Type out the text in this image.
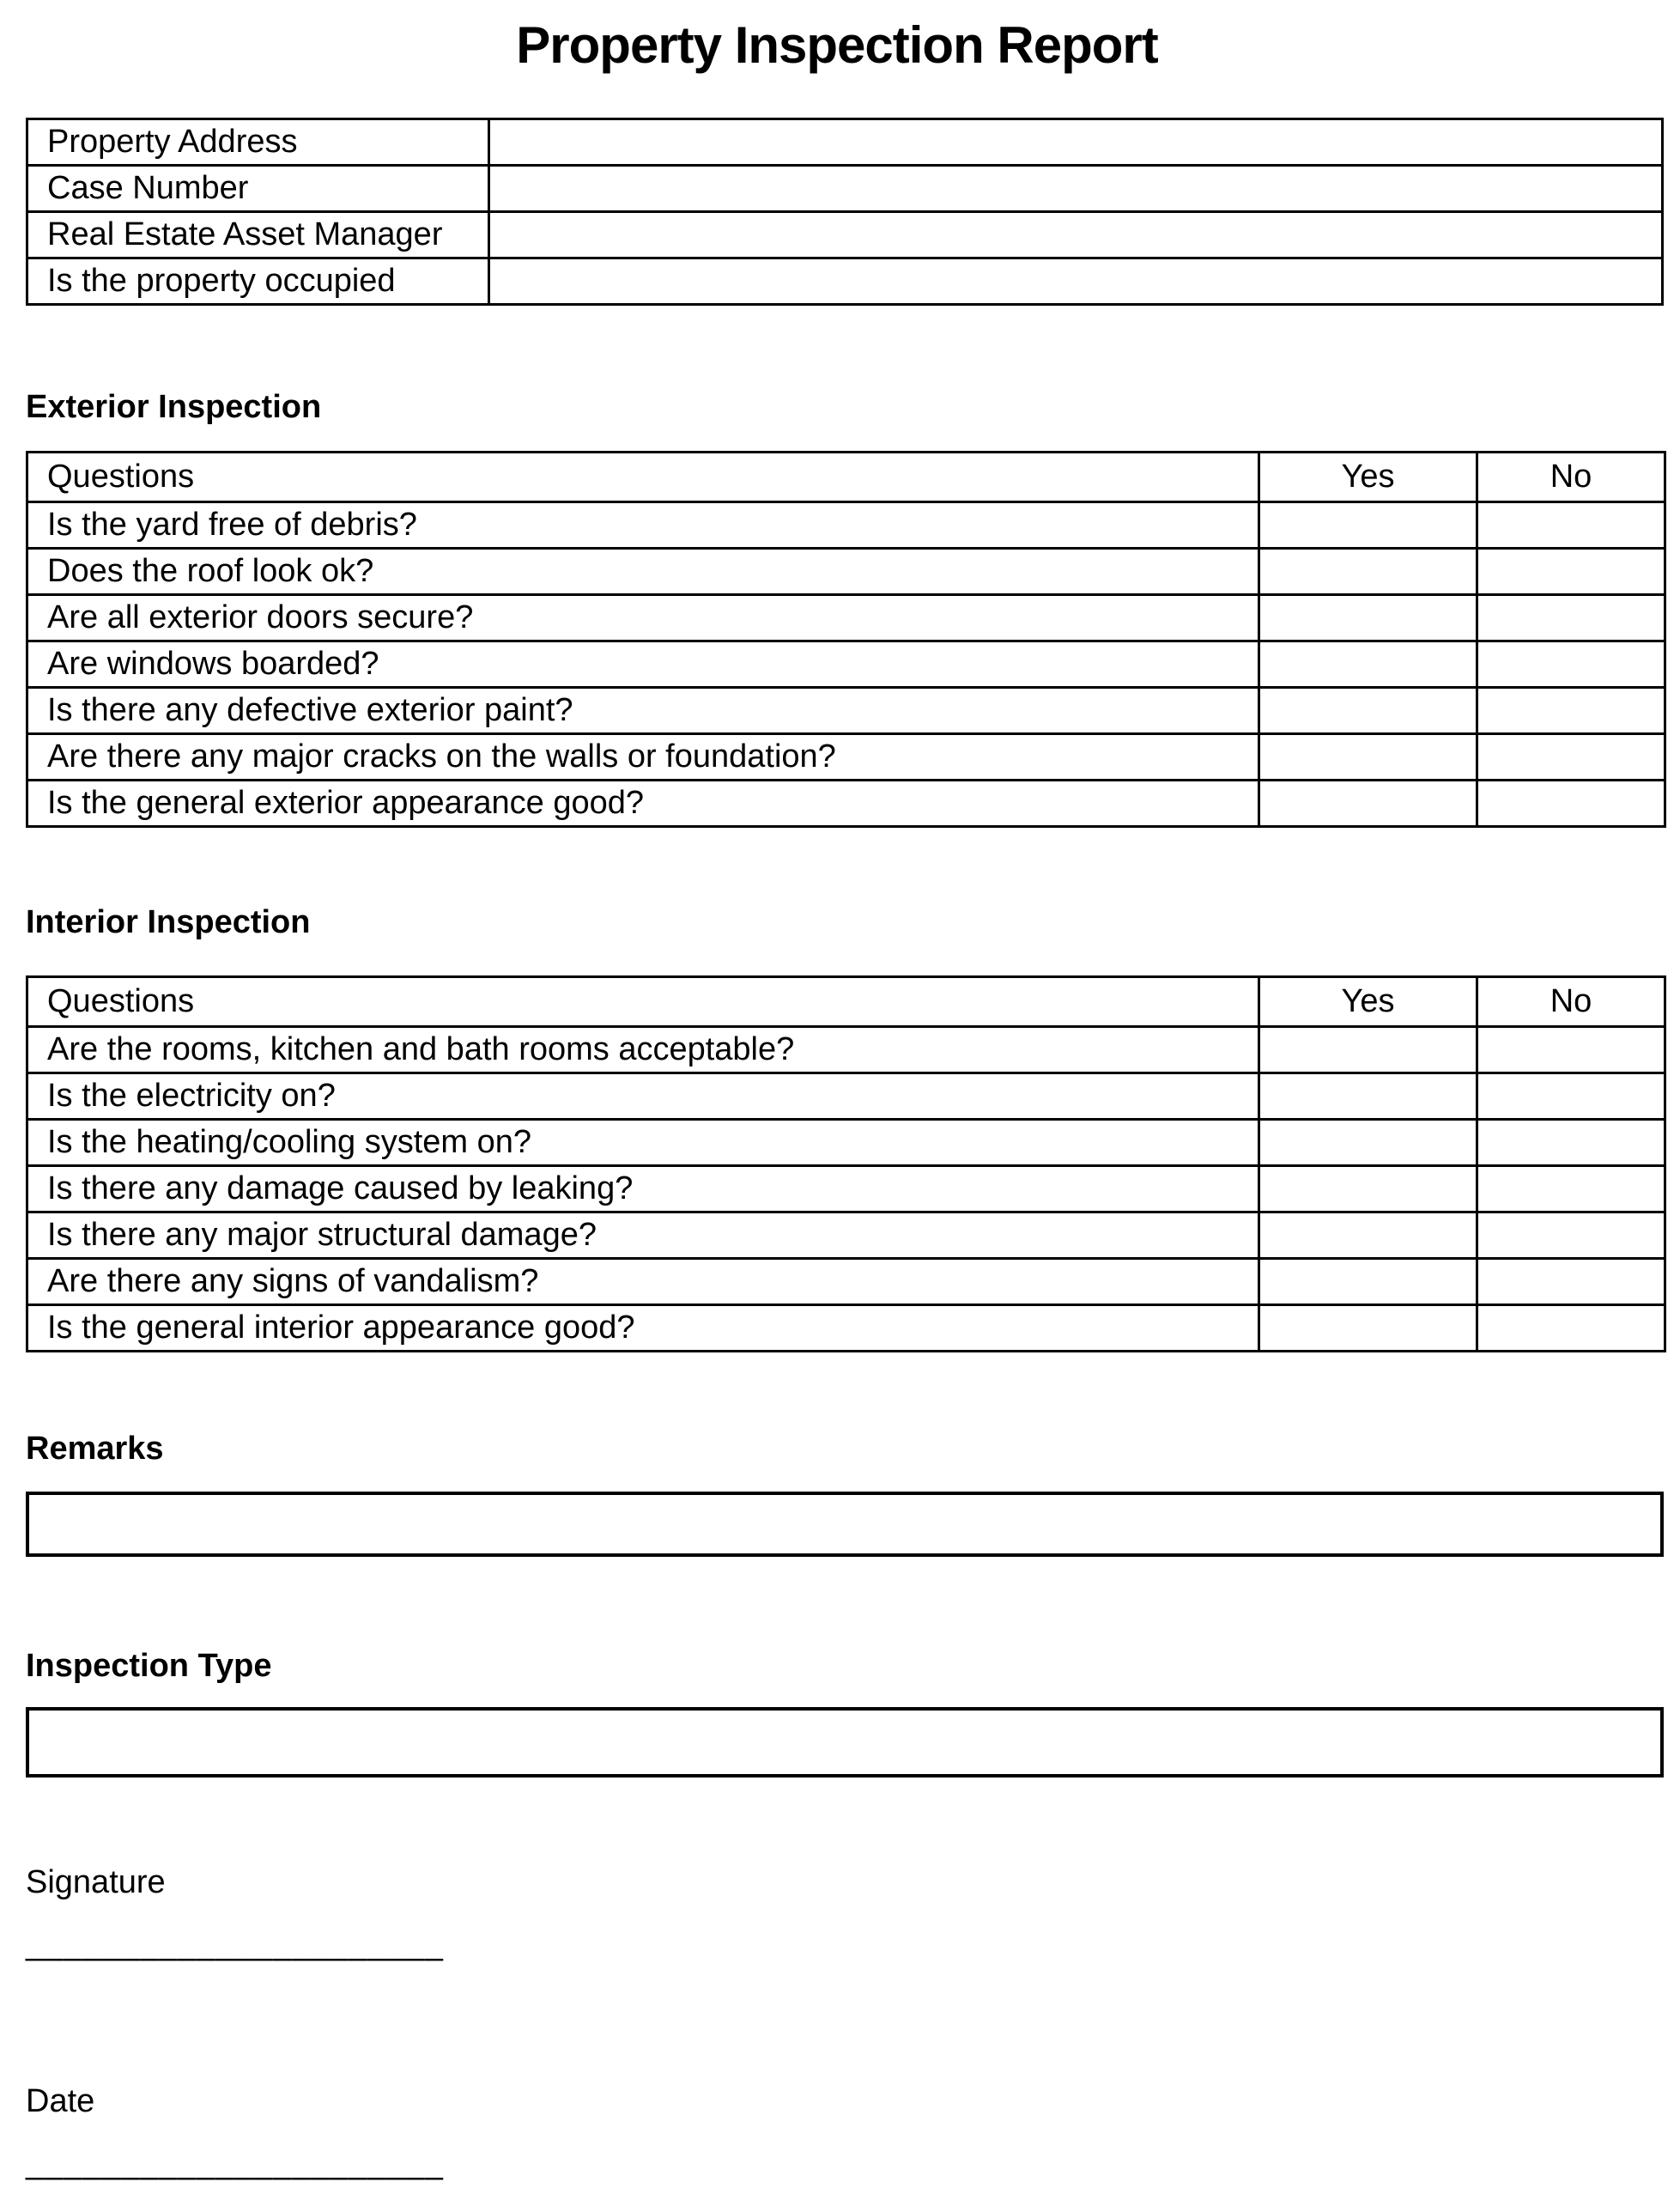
Property Inspection Report
Property Address	
Case Number	
Real Estate Asset Manager	
Is the property occupied	
Exterior Inspection
Questions	Yes	No
Is the yard free of debris?		
Does the roof look ok?		
Are all exterior doors secure?		
Are windows boarded?		
Is there any defective exterior paint?		
Are there any major cracks on the walls or foundation?		
Is the general exterior appearance good?		
Interior Inspection
Questions	Yes	No
Are the rooms, kitchen and bath rooms acceptable?		
Is the electricity on?		
Is the heating/cooling system on?		
Is there any damage caused by leaking?		
Is there any major structural damage?		
Are there any signs of vandalism?		
Is the general interior appearance good?		
Remarks
Inspection Type
Signature
______________________
Date
______________________
